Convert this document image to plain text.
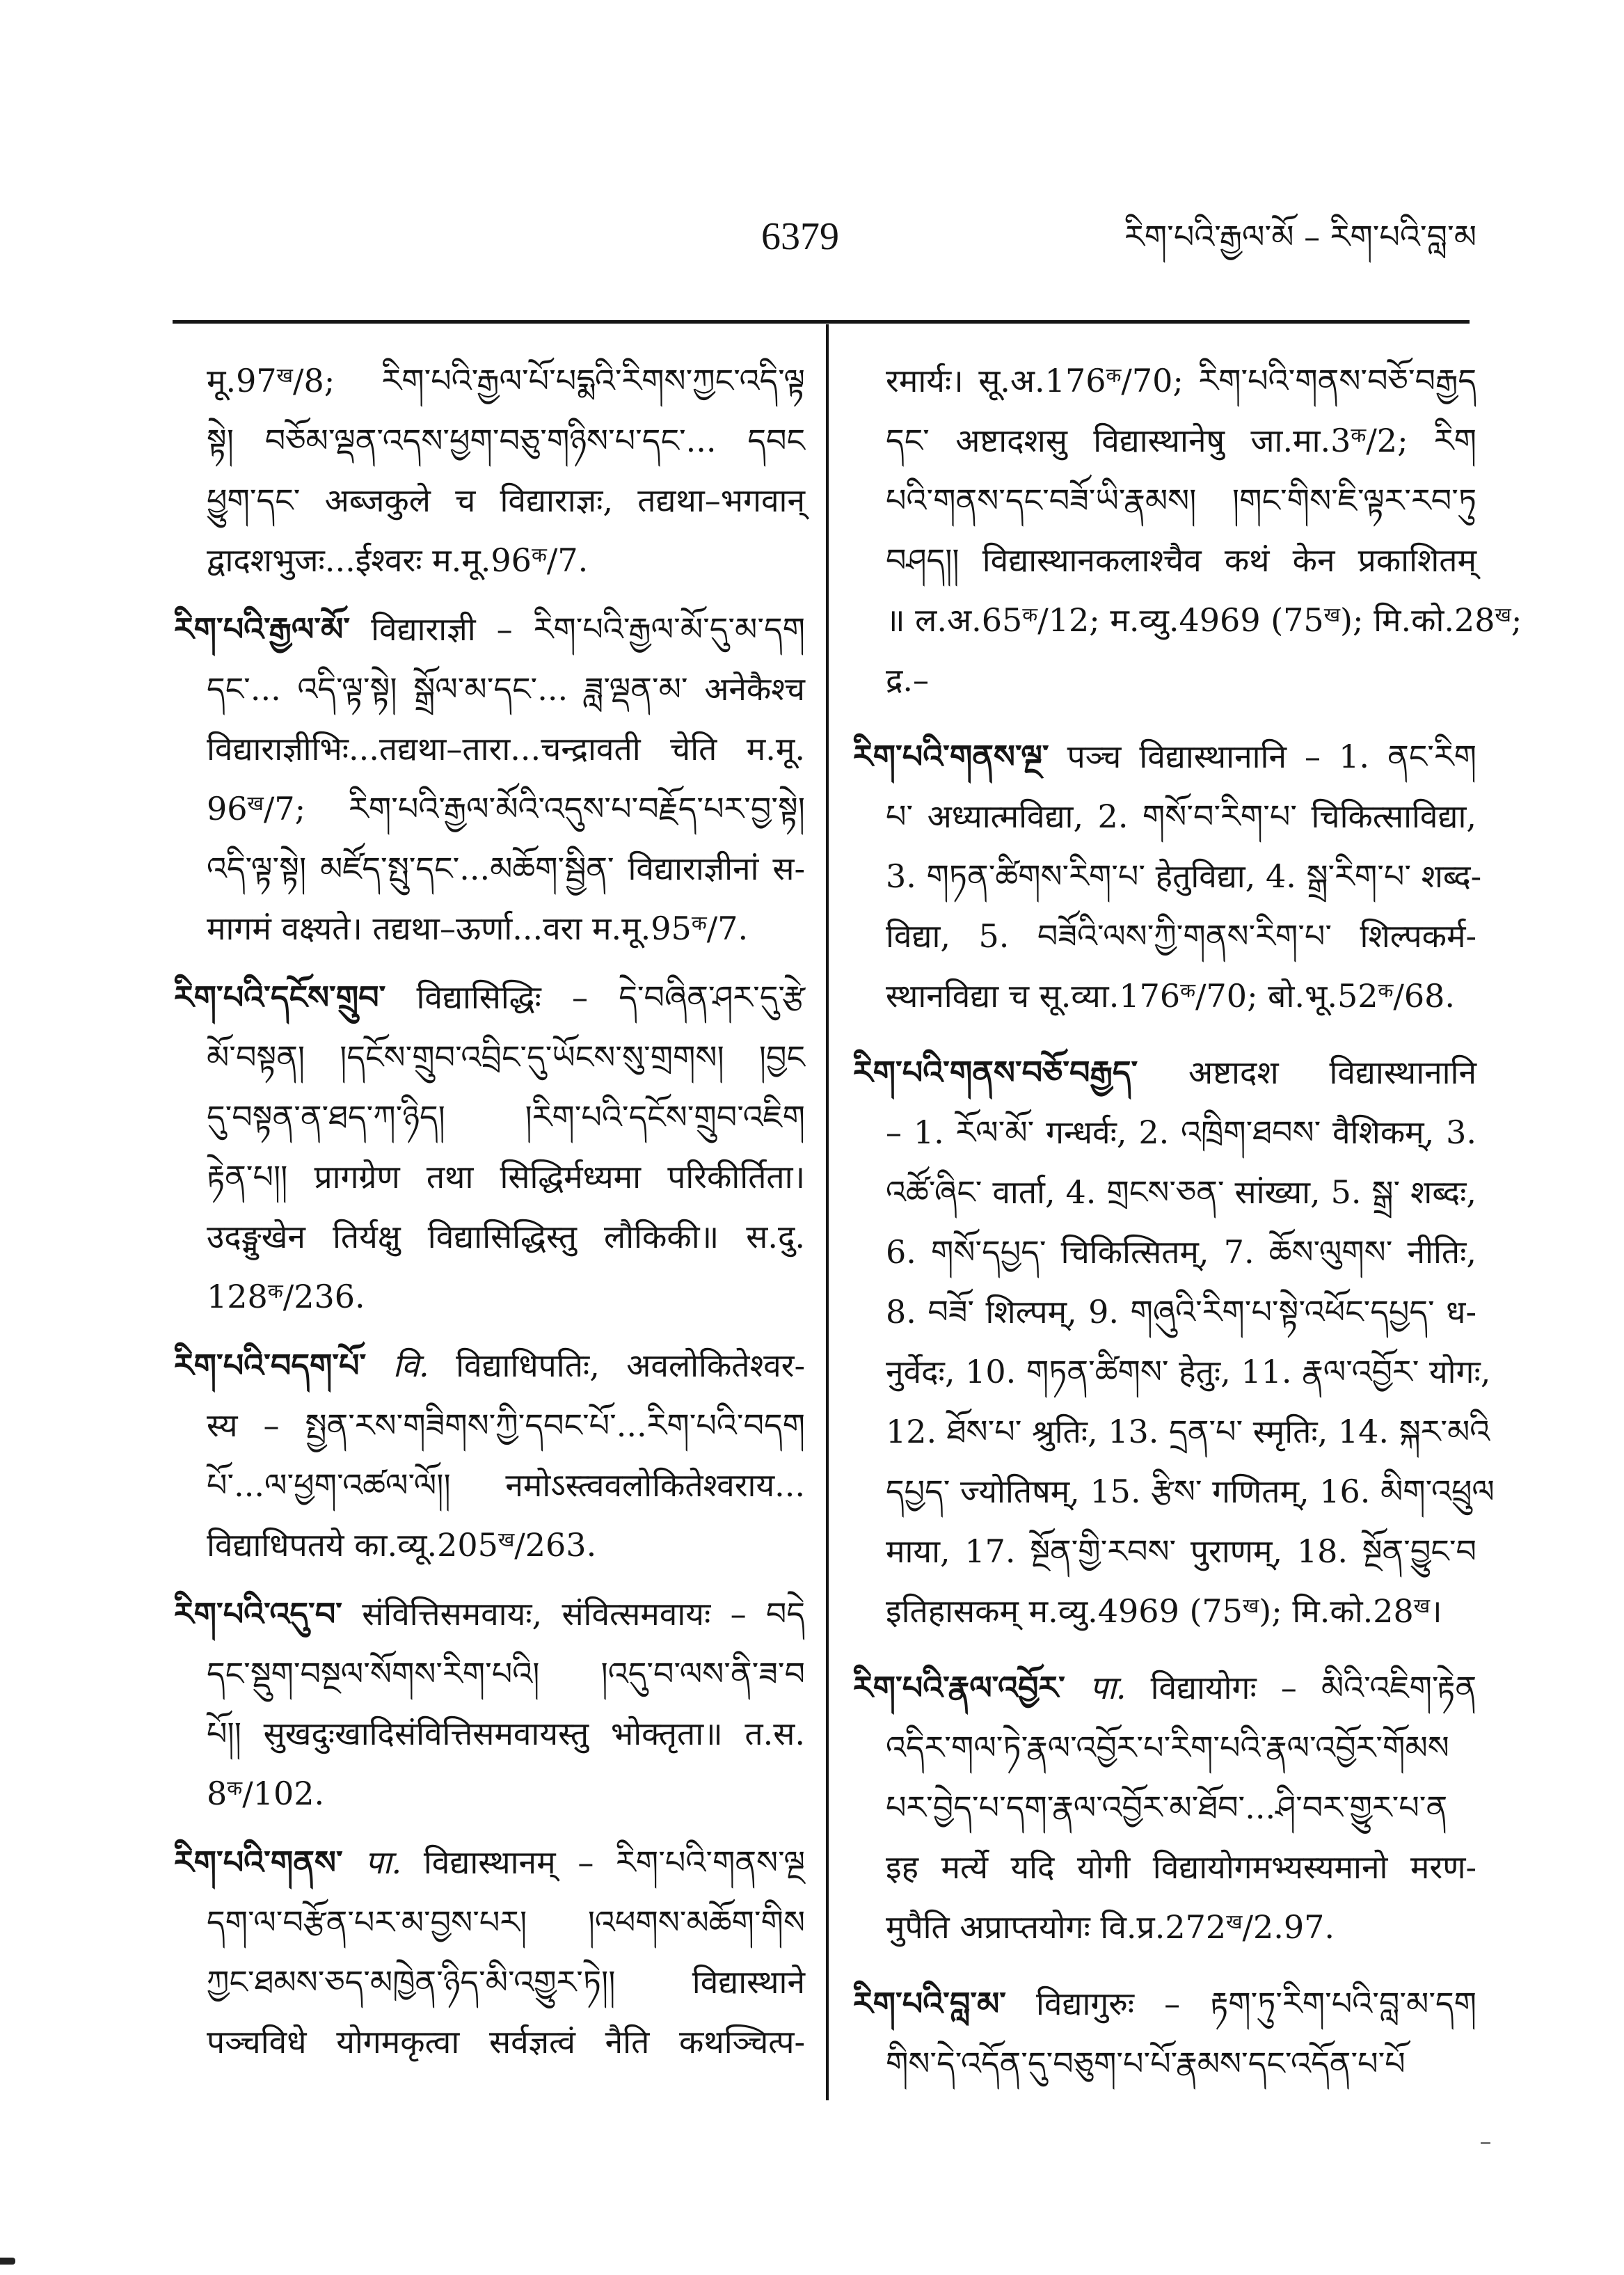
6379	རིག་པའི་རྒྱལ་མོ – རིག་པའི་བླ་མ
$मू.97^ख/8$; རིག་པའི་རྒྱལ་པོ་པདྨའི་རིགས་ཀྱང་འདི་ལྟ
སྟེ། བཅོམ་ལྡན་འདས་ཕྱག་བཅུ་གཉིས་པ་དང་... དབང
ཕྱུག་དང་ अब्जकुले च विद्याराज्ञः, तद्यथा–भगवान्
द्वादशभुजः...ईश्वरः $म.मू.96^क/7$.
རིག་པའི་རྒྱལ་མོ་ विद्याराज्ञी – རིག་པའི་རྒྱལ་མོ་དུ་མ་དག
དང་... འདི་ལྟ་སྟེ། སྒྲོལ་མ་དང་... ཟླ་ལྡན་མ་ अनेकैश्च
विद्याराज्ञीभिः...तद्यथा–तारा...चन्द्रावती चेति म.मू.
$96^ख/7$; རིག་པའི་རྒྱལ་མོའི་འདུས་པ་བརྗོད་པར་བྱ་སྟེ།
འདི་ལྟ་སྟེ། མཛོད་སྤུ་དང་...མཆོག་སྦྱིན་ विद्याराज्ञीनां स-
मागमं वक्ष्यते। तद्यथा–ऊर्णा...वरा $म.मू.95^क/7$.
རིག་པའི་དངོས་གྲུབ་ विद्यासिद्धिः – དེ་བཞིན་ཤར་དུ་རྩེ
མོ་བསྟན། །དངོས་གྲུབ་འབྲིང་དུ་ཡོངས་སུ་གྲགས། །བྱང
དུ་བསྟན་ན་ཐད་ཀ་ཉིད། །རིག་པའི་དངོས་གྲུབ་འཇིག
རྟེན་པ།། प्रागग्रेण तथा सिद्धिर्मध्यमा परिकीर्तिता।
उदङ्मुखेन तिर्यक्षु विद्यासिद्धिस्तु लौकिकी॥ स.दु.
$128^क/236$.
རིག་པའི་བདག་པོ་ वि. विद्याधिपतिः, अवलोकितेश्वर-
स्य – སྤྱན་རས་གཟིགས་ཀྱི་དབང་པོ་...རིག་པའི་བདག
པོ་...ལ་ཕྱག་འཚལ་ལོ།། नमोऽस्त्ववलोकितेश्वराय...
विद्याधिपतये $का.व्यू.205^ख/263$.
རིག་པའི་འདུ་བ་ संवित्तिसमवायः, संवित्समवायः – བདེ
དང་སྡུག་བསྔལ་སོགས་རིག་པའི། །འདུ་བ་ལས་ནི་ཟ་བ
པོ།། सुखदुःखादिसंवित्तिसमवायस्तु भोक्तृता॥ त.स.
$8^क/102$.
རིག་པའི་གནས་ पा. विद्यास्थानम् – རིག་པའི་གནས་ལྔ
དག་ལ་བརྩོན་པར་མ་བྱས་པར། །འཕགས་མཆོག་གིས
ཀྱང་ཐམས་ཅད་མཁྱེན་ཉིད་མི་འགྱུར་ཏེ།། विद्यास्थाने
पञ्चविधे योगमकृत्वा सर्वज्ञत्वं नैति कथञ्चित्प-
रमार्यः। $सू.अ.176^क/70$; རིག་པའི་གནས་བཅོ་བརྒྱད
དང་ अष्टादशसु विद्यास्थानेषु $जा.मा.3^क/2$; རིག
པའི་གནས་དང་བཟོ་ཡི་རྣམས། །གང་གིས་ཇི་ལྟར་རབ་ཏུ
བཤད།། विद्यास्थानकलाश्चैव कथं केन प्रकाशितम्
॥ $ल.अ.65^क/12$; म.व्यु.4969 $(75^ख)$; $मि.को.28^ख$;
द्र.–
རིག་པའི་གནས་ལྔ་ पञ्च विद्यास्थानानि – 1. ནང་རིག
པ་ अध्यात्मविद्या, 2. གསོ་བ་རིག་པ་ चिकित्साविद्या,
3. གཏན་ཚིགས་རིག་པ་ हेतुविद्या, 4. སྒྲ་རིག་པ་ शब्द-
विद्या, 5. བཟོའི་ལས་ཀྱི་གནས་རིག་པ་ शिल्पकर्म-
स्थानविद्या च $सू.व्या.176^क/70$; $बो.भू.52^क/68$.
རིག་པའི་གནས་བཅོ་བརྒྱད་ अष्टादश विद्यास्थानानि
– 1. རོལ་མོ་ गन्धर्वः, 2. འཁྲིག་ཐབས་ वैशिकम्, 3.
འཚོ་ཞིང་ वार्ता, 4. གྲངས་ཅན་ सांख्या, 5. སྒྲ་ शब्दः,
6. གསོ་དཔྱད་ चिकित्सितम्, 7. ཆོས་ལུགས་ नीतिः,
8. བཟོ་ शिल्पम्, 9. གཞུའི་རིག་པ་སྟེ་འཕོང་དཔྱད་ ध-
नुर्वेदः, 10. གཏན་ཚིགས་ हेतुः, 11. རྣལ་འབྱོར་ योगः,
12. ཐོས་པ་ श्रुतिः, 13. དྲན་པ་ स्मृतिः, 14. སྐར་མའི
དཔྱད་ ज्योतिषम्, 15. རྩིས་ गणितम्, 16. མིག་འཕྲུལ
माया, 17. སྔོན་གྱི་རབས་ पुराणम्, 18. སྔོན་བྱུང་བ
इतिहासकम् म.व्यु.4969 $(75^ख)$; $मि.को.28^ख।$
རིག་པའི་རྣལ་འབྱོར་ पा. विद्यायोगः – མིའི་འཇིག་རྟེན
འདིར་གལ་ཏེ་རྣལ་འབྱོར་པ་རིག་པའི་རྣལ་འབྱོར་གོམས
པར་བྱེད་པ་དག་རྣལ་འབྱོར་མ་ཐོབ་...ཤི་བར་གྱུར་པ་ན
इह मर्त्ये यदि योगी विद्यायोगमभ्यस्यमानो मरण-
मुपैति अप्राप्तयोगः $वि.प्र.272^ख/2.97$.
རིག་པའི་བླ་མ་ विद्यागुरुः – རྟག་ཏུ་རིག་པའི་བླ་མ་དག
གིས་དེ་འདོན་དུ་བཅུག་པ་པོ་རྣམས་དང་འདོན་པ་པོ
